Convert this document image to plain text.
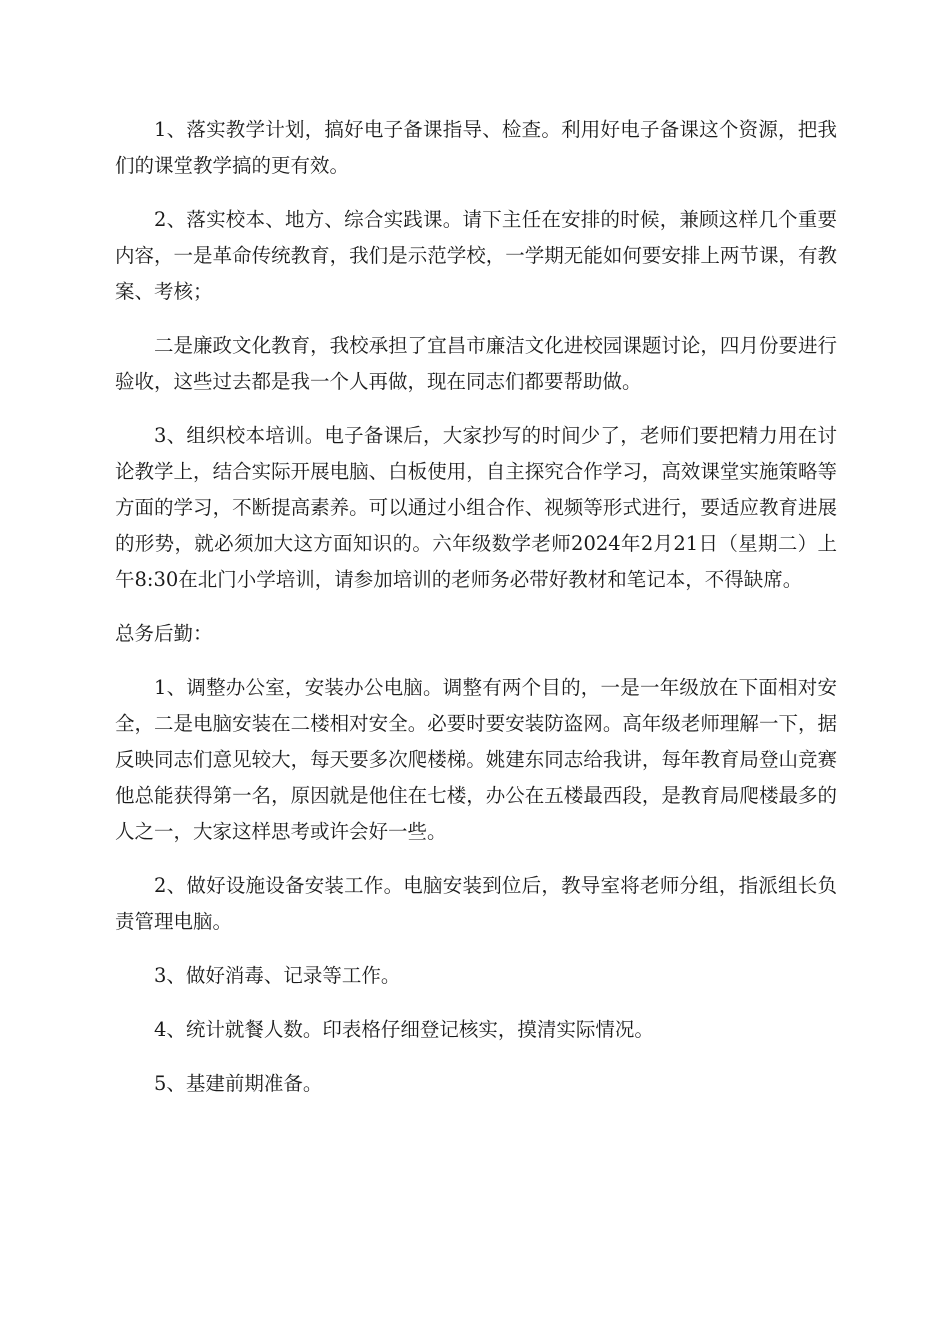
1、落实教学计划，搞好电子备课指导、检查。利用好电子备课这个资源，把我们的课堂教学搞的更有效。

2、落实校本、地方、综合实践课。请下主任在安排的时候，兼顾这样几个重要内容，一是革命传统教育，我们是示范学校，一学期无能如何要安排上两节课，有教案、考核；

二是廉政文化教育，我校承担了宜昌市廉洁文化进校园课题讨论，四月份要进行验收，这些过去都是我一个人再做，现在同志们都要帮助做。

3、组织校本培训。电子备课后，大家抄写的时间少了，老师们要把精力用在讨论教学上，结合实际开展电脑、白板使用，自主探究合作学习，高效课堂实施策略等方面的学习，不断提高素养。可以通过小组合作、视频等形式进行，要适应教育进展的形势，就必须加大这方面知识的。六年级数学老师2024年2月21日（星期二）上午8:30在北门小学培训，请参加培训的老师务必带好教材和笔记本，不得缺席。

总务后勤：

1、调整办公室，安装办公电脑。调整有两个目的，一是一年级放在下面相对安全，二是电脑安装在二楼相对安全。必要时要安装防盗网。高年级老师理解一下，据反映同志们意见较大，每天要多次爬楼梯。姚建东同志给我讲，每年教育局登山竞赛他总能获得第一名，原因就是他住在七楼，办公在五楼最西段，是教育局爬楼最多的人之一，大家这样思考或许会好一些。

2、做好设施设备安装工作。电脑安装到位后，教导室将老师分组，指派组长负责管理电脑。

3、做好消毒、记录等工作。

4、统计就餐人数。印表格仔细登记核实，摸清实际情况。

5、基建前期准备。
